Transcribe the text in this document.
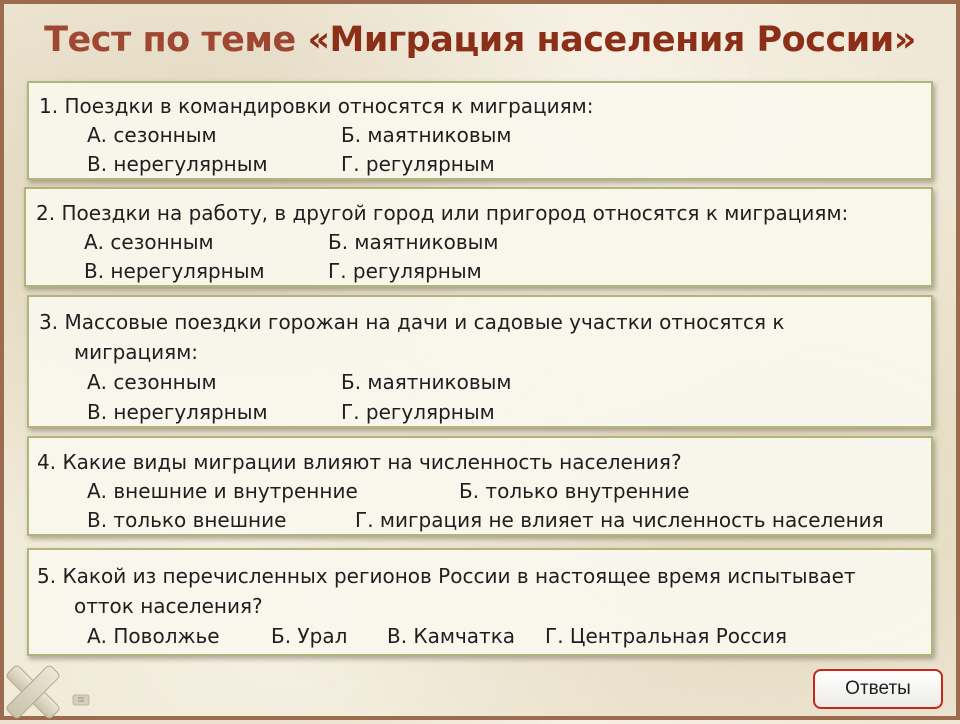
Тест по теме «Миграция населения России»
1. Поездки в командировки относятся к миграциям:
А. сезонным	Б. маятниковым
В. нерегулярным	Г. регулярным
2. Поездки на работу, в другой город или пригород относятся к миграциям:
А. сезонным	Б. маятниковым
В. нерегулярным	Г. регулярным
3. Массовые поездки горожан на дачи и садовые участки относятся к
миграциям:
А. сезонным	Б. маятниковым
В. нерегулярным	Г. регулярным
4. Какие виды миграции влияют на численность населения?
А. внешние и внутренние	Б. только внутренние
В. только внешние	Г. миграция не влияет на численность населения
5. Какой из перечисленных регионов России в настоящее время испытывает
отток населения?
А. Поволжье	Б. Урал В. Камчатка Г. Центральная Россия
Ответы
